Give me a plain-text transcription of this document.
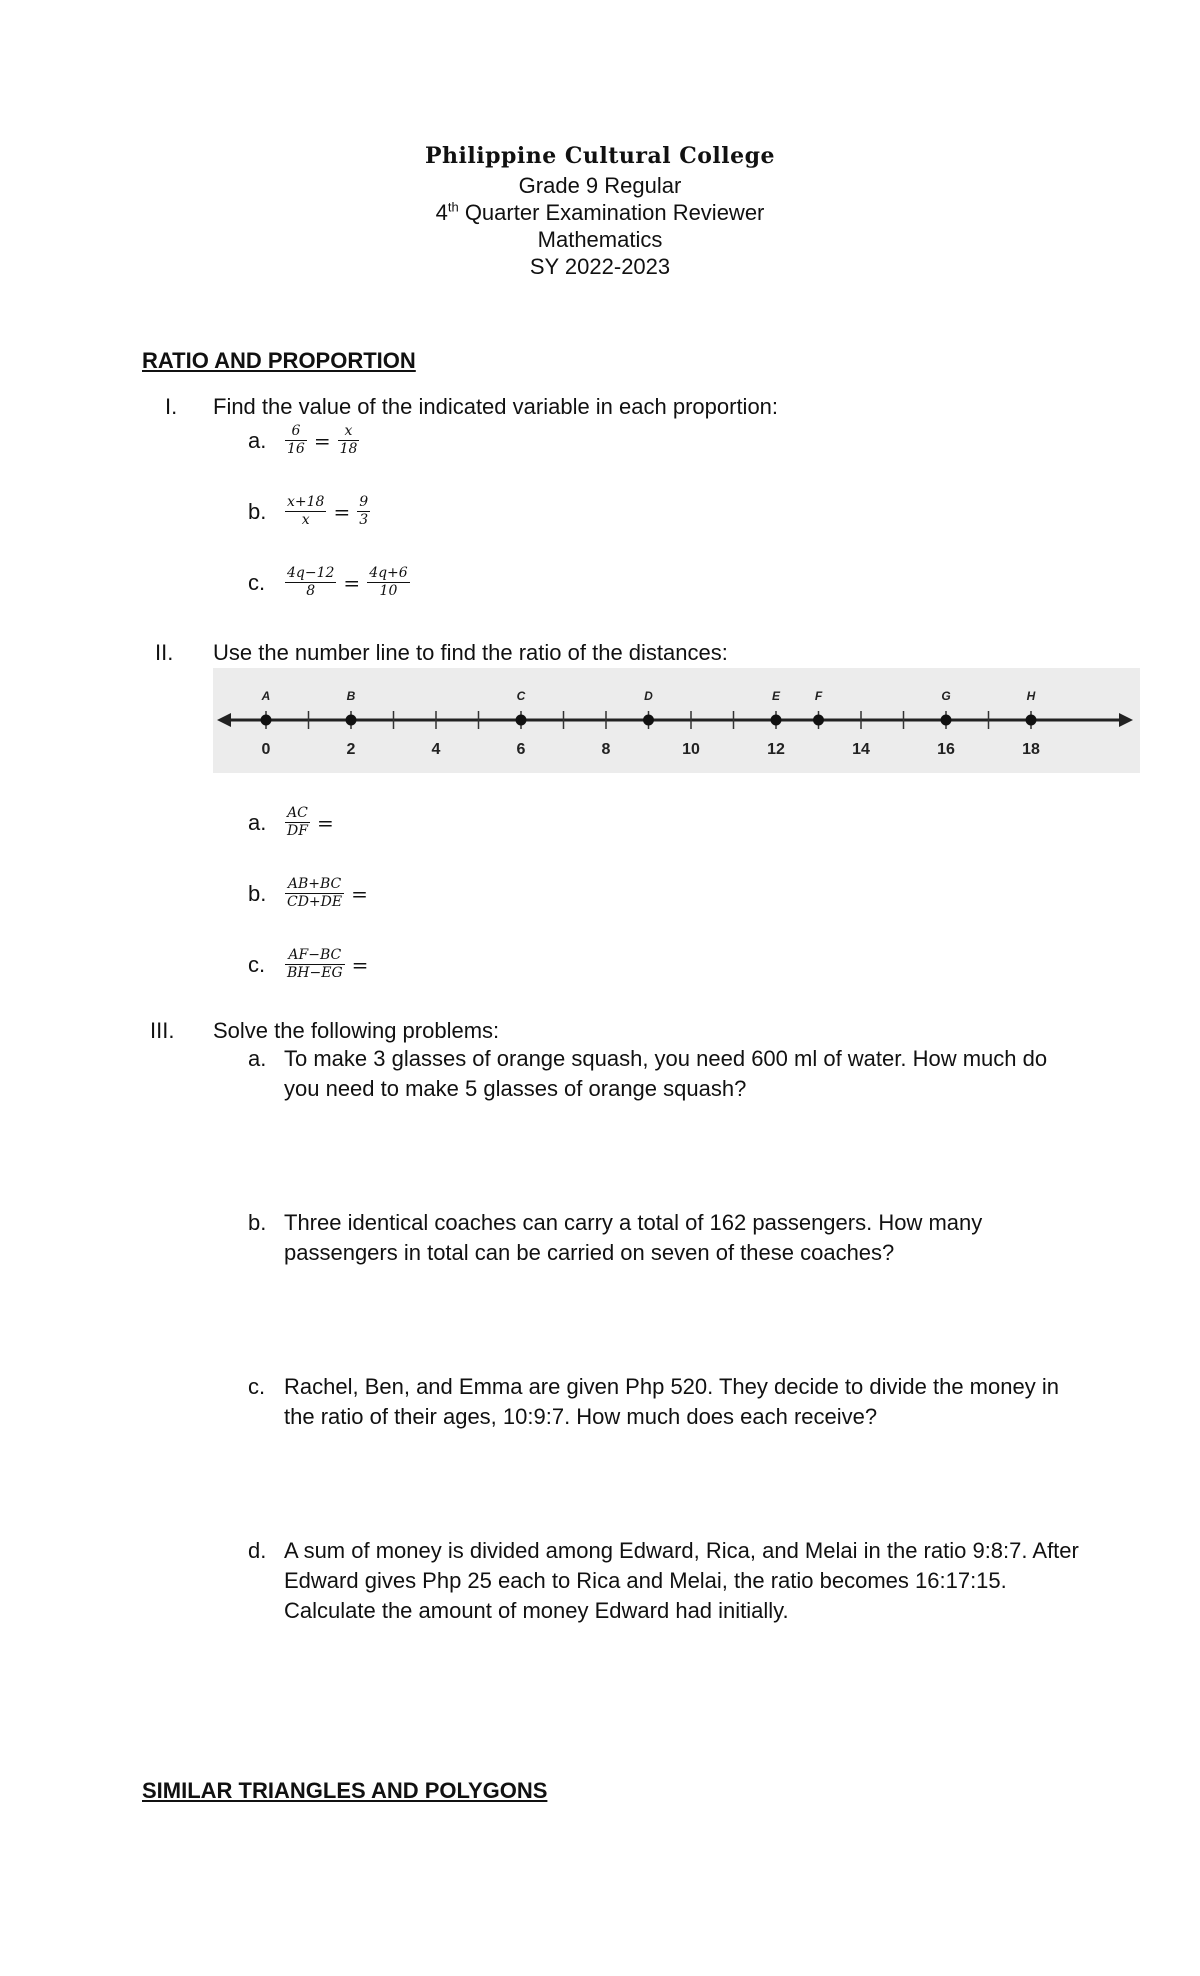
Philippine Cultural College
Grade 9 Regular
4th Quarter Examination Reviewer
Mathematics
SY 2022-2023
RATIO AND PROPORTION
I. Find the value of the indicated variable in each proportion:
a.	$\frac{6}{16} = \frac{x}{18}$
b.	$\frac{x+18}{x} = \frac{9}{3}$
c.	$\frac{4q-12}{8} = \frac{4q+6}{10}$
II. Use the number line to find the ratio of the distances:
0	2	4	6	8	10	12	14	16	18
A	B	C	D	E	F	G	H
a.	$\frac{AC}{DF}$ =
b.	$\frac{AB+BC}{CD+DE}$ =
c.	$\frac{AF-BC}{BH-EG}$ =
III. Solve the following problems:
a. To make 3 glasses of orange squash, you need 600 ml of water. How much do you need to make 5 glasses of orange squash?
b. Three identical coaches can carry a total of 162 passengers. How many passengers in total can be carried on seven of these coaches?
c. Rachel, Ben, and Emma are given Php 520. They decide to divide the money in the ratio of their ages, 10:9:7. How much does each receive?
d. A sum of money is divided among Edward, Rica, and Melai in the ratio 9:8:7. After Edward gives Php 25 each to Rica and Melai, the ratio becomes 16:17:15. Calculate the amount of money Edward had initially.
SIMILAR TRIANGLES AND POLYGONS
